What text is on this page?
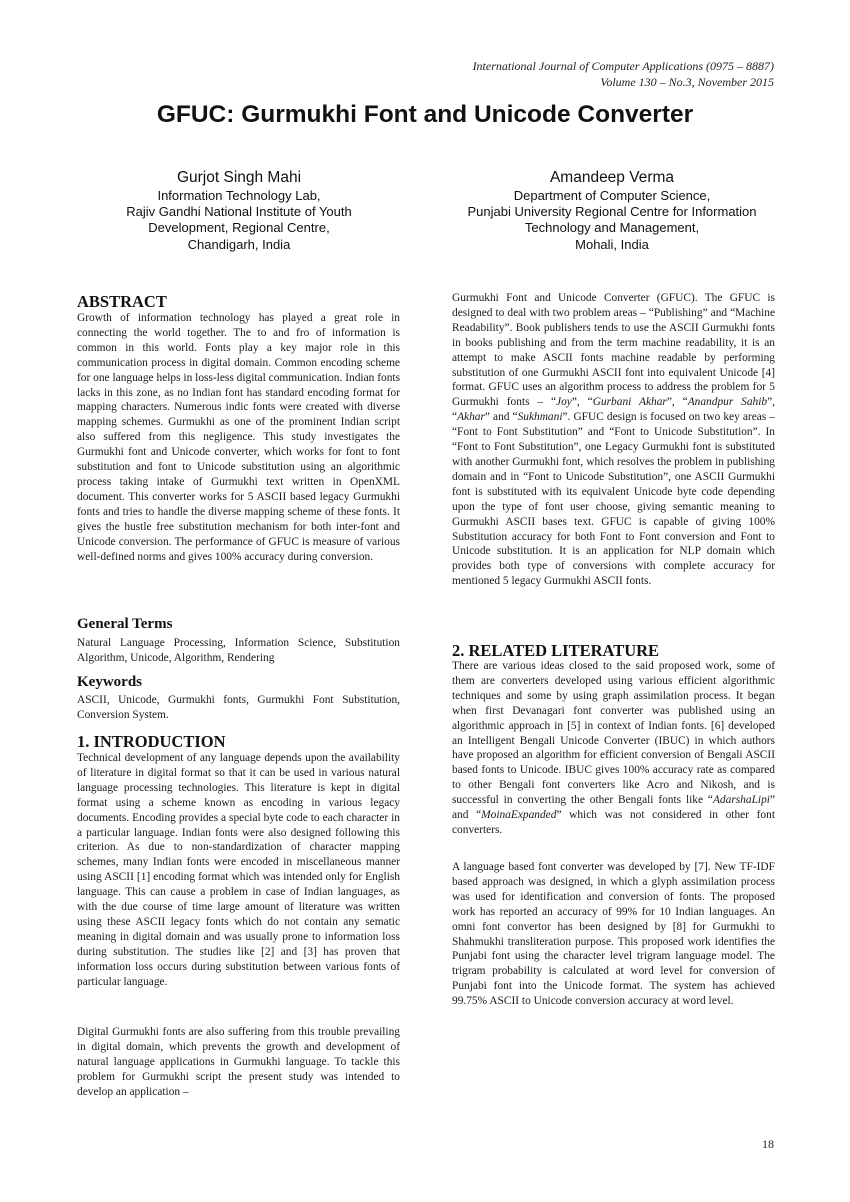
International Journal of Computer Applications (0975 – 8887)
Volume 130 – No.3, November 2015
GFUC: Gurmukhi Font and Unicode Converter
Gurjot Singh Mahi
Information Technology Lab,
Rajiv Gandhi National Institute of Youth
Development, Regional Centre,
Chandigarh, India
Amandeep Verma
Department of Computer Science,
Punjabi University Regional Centre for Information
Technology and Management,
Mohali, India
ABSTRACT
Growth of information technology has played a great role in connecting the world together. The to and fro of information is common in this world. Fonts play a key major role in this communication process in digital domain. Common encoding scheme for one language helps in loss-less digital communication. Indian fonts lacks in this zone, as no Indian font has standard encoding format for mapping characters. Numerous indic fonts were created with diverse mapping schemes. Gurmukhi as one of the prominent Indian script also suffered from this negligence. This study investigates the Gurmukhi font and Unicode converter, which works for font to font substitution and font to Unicode substitution using an algorithmic process taking intake of Gurmukhi text written in OpenXML document. This converter works for 5 ASCII based legacy Gurmukhi fonts and tries to handle the diverse mapping scheme of these fonts. It gives the hustle free substitution mechanism for both inter-font and Unicode conversion. The performance of GFUC is measure of various well-defined norms and gives 100% accuracy during conversion.
General Terms
Natural Language Processing, Information Science, Substitution Algorithm, Unicode, Algorithm, Rendering
Keywords
ASCII, Unicode, Gurmukhi fonts, Gurmukhi Font Substitution, Conversion System.
1. INTRODUCTION
Technical development of any language depends upon the availability of literature in digital format so that it can be used in various natural language processing technologies. This literature is kept in digital format using a scheme known as encoding in various legacy documents. Encoding provides a special byte code to each character in a particular language. Indian fonts were also designed following this criterion. As due to non-standardization of character mapping schemes, many Indian fonts were encoded in miscellaneous manner using ASCII [1] encoding format which was intended only for English language. This can cause a problem in case of Indian languages, as with the due course of time large amount of literature was written using these ASCII legacy fonts which do not contain any sematic meaning in digital domain and was usually prone to information loss during substitution. The studies like [2] and [3] has proven that information loss occurs during substitution between various fonts of particular language.
Digital Gurmukhi fonts are also suffering from this trouble prevailing in digital domain, which prevents the growth and development of natural language applications in Gurmukhi language. To tackle this problem for Gurmukhi script the present study was intended to develop an application –
Gurmukhi Font and Unicode Converter (GFUC). The GFUC is designed to deal with two problem areas – “Publishing” and “Machine Readability”. Book publishers tends to use the ASCII Gurmukhi fonts in books publishing and from the term machine readability, it is an attempt to make ASCII fonts machine readable by performing substitution of one Gurmukhi ASCII font into equivalent Unicode [4] format. GFUC uses an algorithm process to address the problem for 5 Gurmukhi fonts – “Joy”, “Gurbani Akhar”, “Anandpur Sahib”, “Akhar” and “Sukhmani”. GFUC design is focused on two key areas – “Font to Font Substitution” and “Font to Unicode Substitution”. In “Font to Font Substitution”, one Legacy Gurmukhi font is substituted with another Gurmukhi font, which resolves the problem in publishing domain and in “Font to Unicode Substitution”, one ASCII Gurmukhi font is substituted with its equivalent Unicode byte code depending upon the type of font user choose, giving semantic meaning to Gurmukhi ASCII bases text. GFUC is capable of giving 100% Substitution accuracy for both Font to Font conversion and Font to Unicode substitution. It is an application for NLP domain which provides both type of conversions with complete accuracy for mentioned 5 legacy Gurmukhi ASCII fonts.
2. RELATED LITERATURE
There are various ideas closed to the said proposed work, some of them are converters developed using various efficient algorithmic techniques and some by using graph assimilation process. It began when first Devanagari font converter was published using an algorithmic approach in [5] in context of Indian fonts. [6] developed an Intelligent Bengali Unicode Converter (IBUC) in which authors have proposed an algorithm for efficient conversion of Bengali ASCII based fonts to Unicode. IBUC gives 100% accuracy rate as compared to other Bengali font converters like Acro and Nikosh, and is successful in converting the other Bengali fonts like “AdarshaLipi” and “MoinaExpanded” which was not considered in other font converters.
A language based font converter was developed by [7]. New TF-IDF based approach was designed, in which a glyph assimilation process was used for identification and conversion of fonts. The proposed work has reported an accuracy of 99% for 10 Indian languages. An omni font convertor has been designed by [8] for Gurmukhi to Shahmukhi transliteration purpose. This proposed work identifies the Punjabi font using the character level trigram language model. The trigram probability is calculated at word level for conversion of Punjabi font into the Unicode format. The system has achieved 99.75% ASCII to Unicode conversion accuracy at word level.
18
